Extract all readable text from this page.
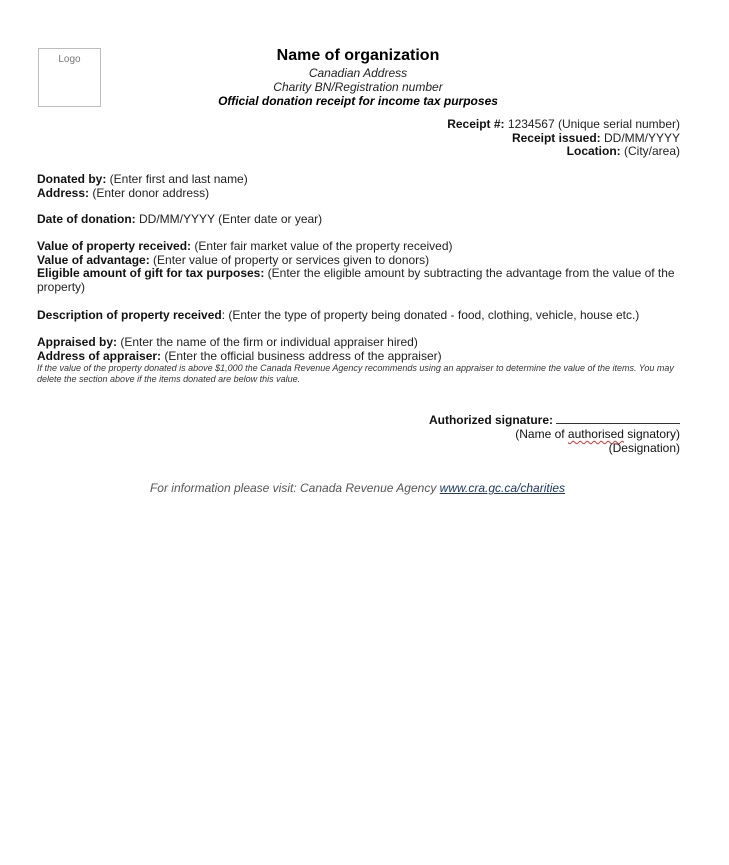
Logo	Name of organization
Canadian Address
Charity BN/Registration number
Official donation receipt for income tax purposes
Receipt #: 1234567 (Unique serial number)
Receipt issued: DD/MM/YYYY
Location: (City/area)
Donated by: (Enter first and last name)
Address: (Enter donor address)
Date of donation: DD/MM/YYYY (Enter date or year)
Value of property received: (Enter fair market value of the property received)
Value of advantage: (Enter value of property or services given to donors)
Eligible amount of gift for tax purposes: (Enter the eligible amount by subtracting the advantage from the value of the property)
Description of property received: (Enter the type of property being donated - food, clothing, vehicle, house etc.)
Appraised by: (Enter the name of the firm or individual appraiser hired)
Address of appraiser: (Enter the official business address of the appraiser)
If the value of the property donated is above $1,000 the Canada Revenue Agency recommends using an appraiser to determine the value of the items. You may delete the section above if the items donated are below this value.
Authorized signature:
(Name of authorised signatory)
(Designation)
For information please visit: Canada Revenue Agency www.cra.gc.ca/charities
